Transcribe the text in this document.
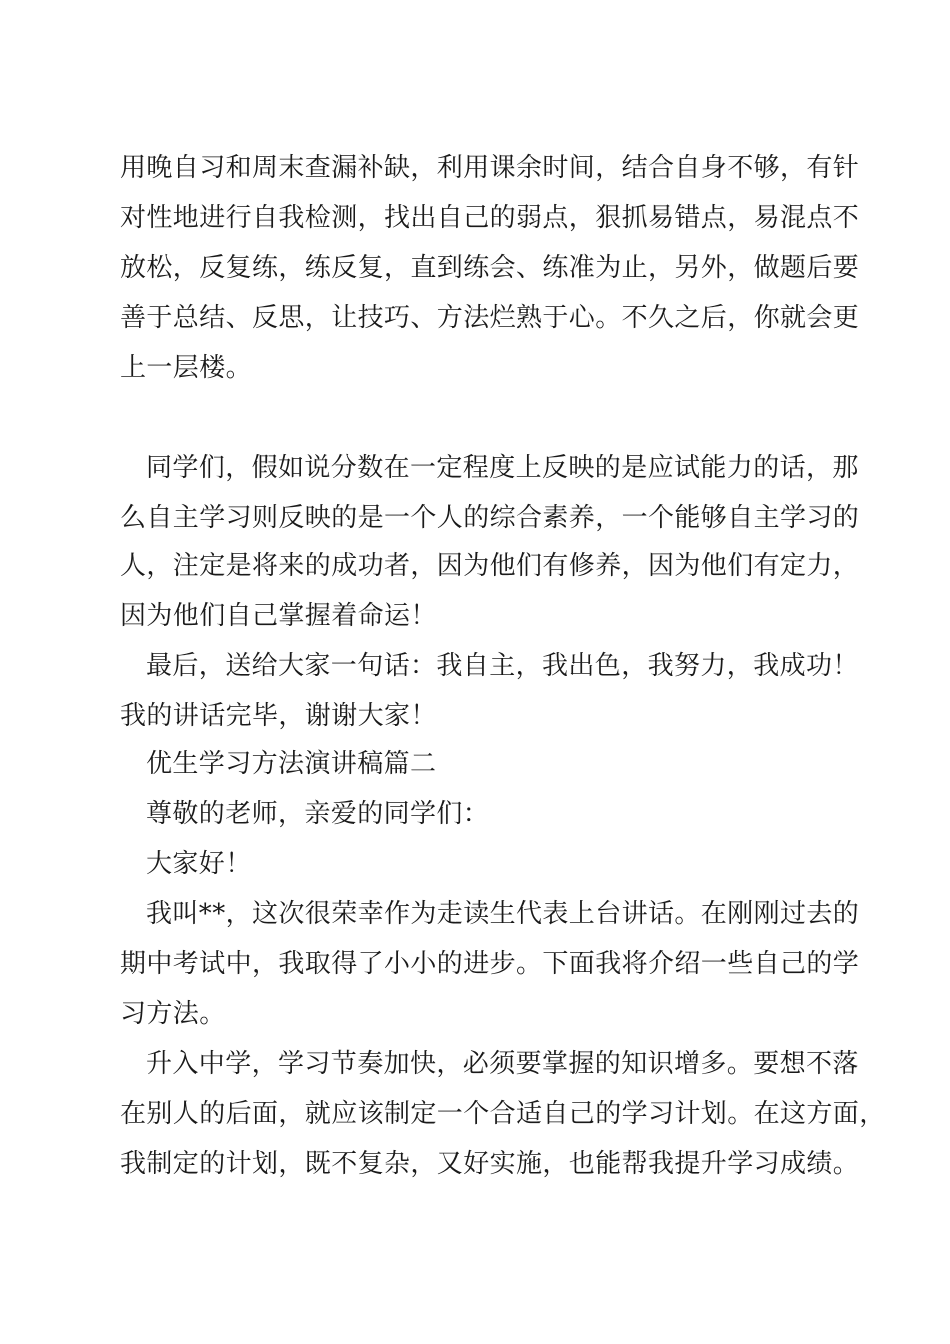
用晚自习和周末查漏补缺，利用课余时间，结合自身不够，有针
对性地进行自我检测，找出自己的弱点，狠抓易错点，易混点不
放松，反复练，练反复，直到练会、练准为止，另外，做题后要
善于总结、反思，让技巧、方法烂熟于心。不久之后，你就会更
上一层楼。
同学们，假如说分数在一定程度上反映的是应试能力的话，那
么自主学习则反映的是一个人的综合素养，一个能够自主学习的
人，注定是将来的成功者，因为他们有修养，因为他们有定力，
因为他们自己掌握着命运！
最后，送给大家一句话：我自主，我出色，我努力，我成功！
我的讲话完毕，谢谢大家！
优生学习方法演讲稿篇二
尊敬的老师，亲爱的同学们：
大家好！
我叫**，这次很荣幸作为走读生代表上台讲话。在刚刚过去的
期中考试中，我取得了小小的进步。下面我将介绍一些自己的学
习方法。
升入中学，学习节奏加快，必须要掌握的知识增多。要想不落
在别人的后面，就应该制定一个合适自己的学习计划。在这方面，
我制定的计划，既不复杂，又好实施，也能帮我提升学习成绩。
